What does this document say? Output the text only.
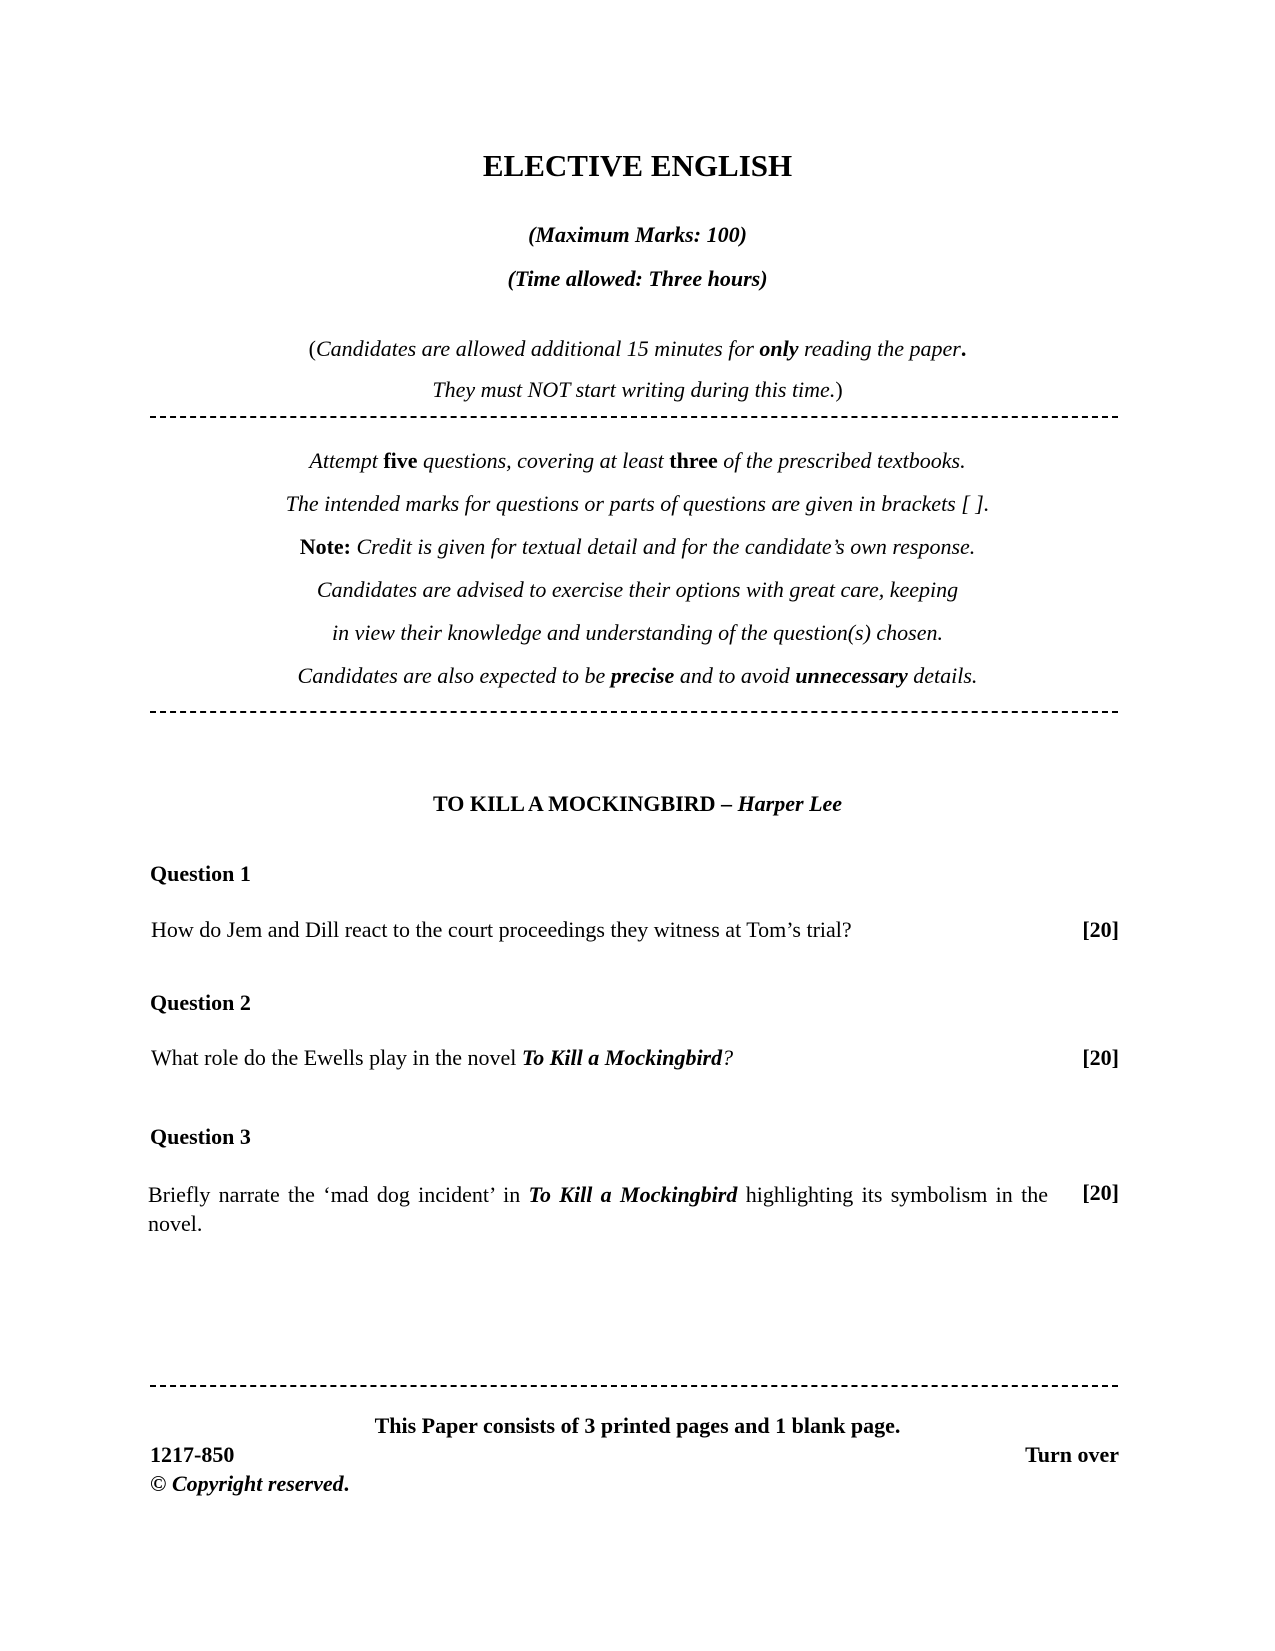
ELECTIVE ENGLISH
(Maximum Marks: 100)
(Time allowed: Three hours)
(Candidates are allowed additional 15 minutes for only reading the paper.
They must NOT start writing during this time.)
Attempt five questions, covering at least three of the prescribed textbooks.
The intended marks for questions or parts of questions are given in brackets [ ].
Note: Credit is given for textual detail and for the candidate’s own response.
Candidates are advised to exercise their options with great care, keeping
in view their knowledge and understanding of the question(s) chosen.
Candidates are also expected to be precise and to avoid unnecessary details.
TO KILL A MOCKINGBIRD – Harper Lee
Question 1
How do Jem and Dill react to the court proceedings they witness at Tom’s trial?	[20]
Question 2
What role do the Ewells play in the novel To Kill a Mockingbird?	[20]
Question 3
Briefly narrate the ‘mad dog incident’ in To Kill a Mockingbird highlighting its symbolism in the novel.
[20]
This Paper consists of 3 printed pages and 1 blank page.
1217-850	Turn over
© Copyright reserved.
